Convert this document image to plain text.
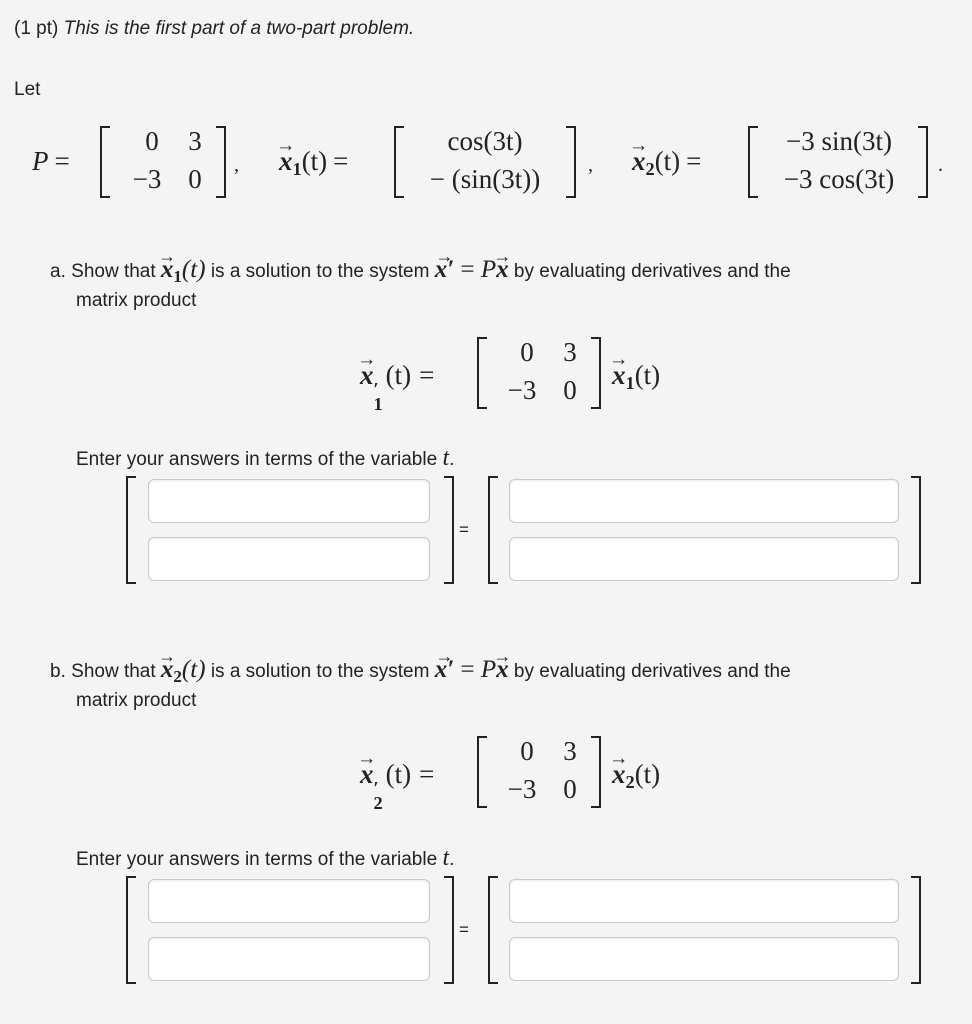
(1 pt) This is the first part of a two-part problem.
Let
P =
0	3
−3 0	, → $x_1(t)$ =
cos(3t)
− (sin(3t))	, → $x_2(t)$ =
−3 sin(3t)
−3 cos(3t)	.
a. Show that → $x_1(t)$ is a solution to the system → x′ = P→ x by evaluating derivatives and the
matrix product
→ x ′
1
(t) =
0	3
−3 0	→ $x_1(t)$
Enter your answers in terms of the variable t.
=
b. Show that → $x_2(t)$ is a solution to the system → x′ = P→ x by evaluating derivatives and the
matrix product
→ x ′
2
(t) =
0	3
−3 0	→ $x_2(t)$
Enter your answers in terms of the variable t.
=
